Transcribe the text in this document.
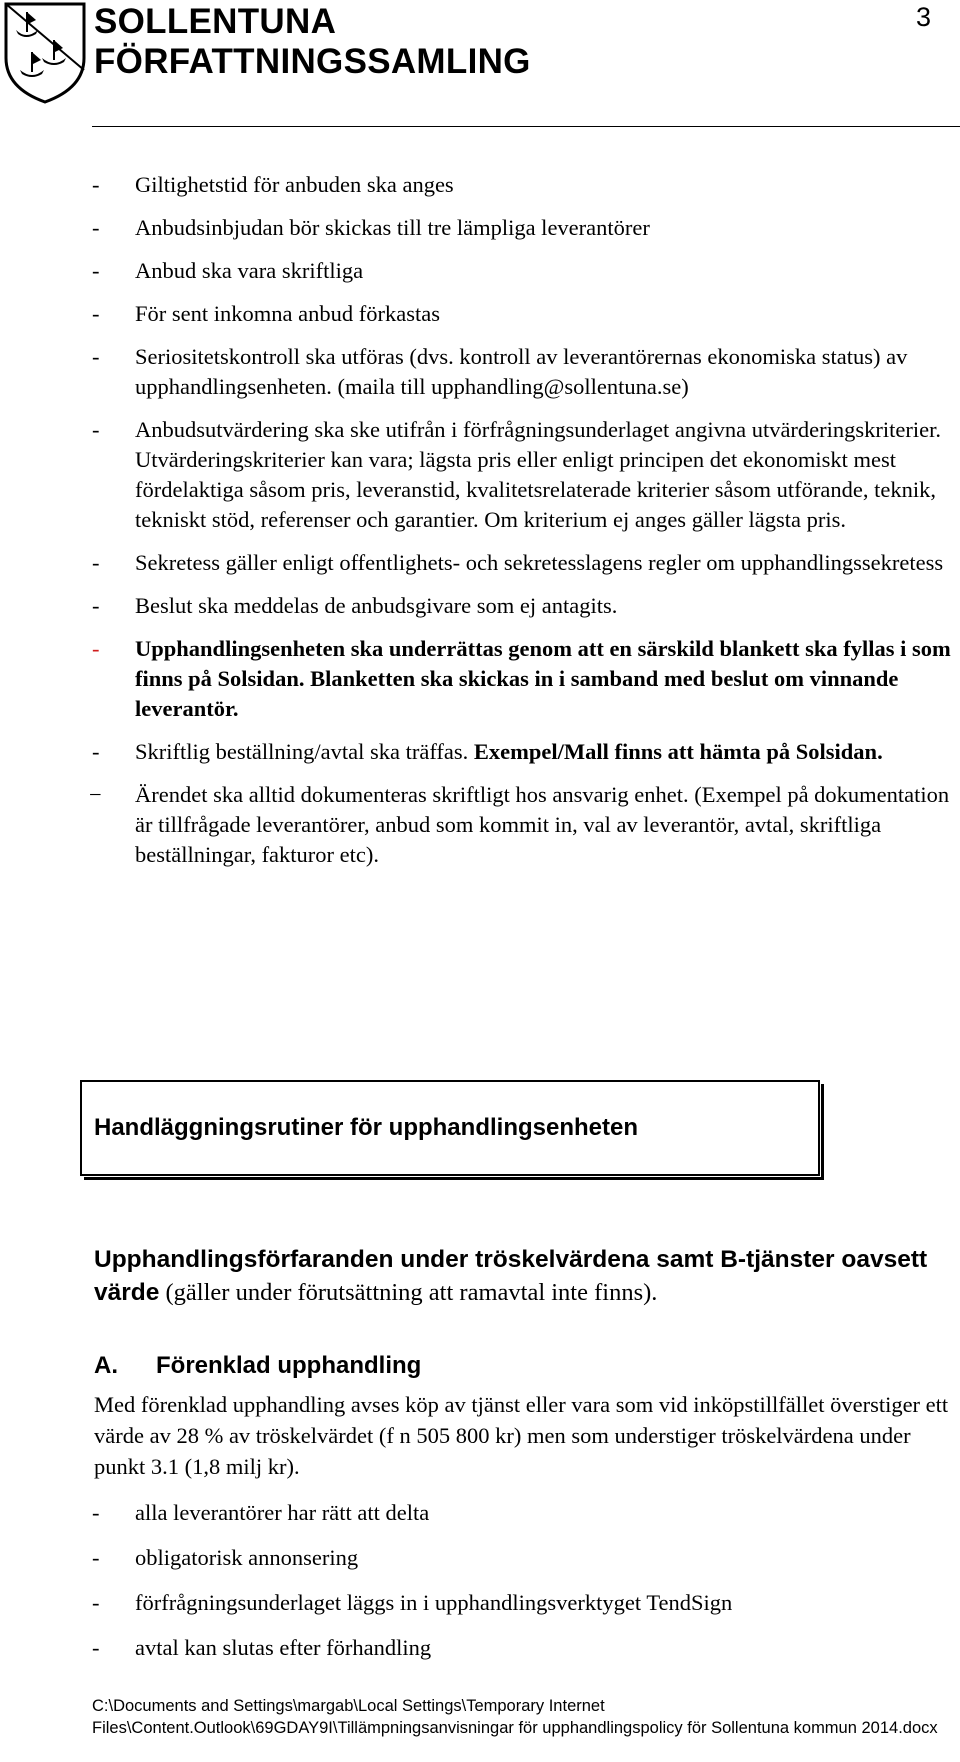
SOLLENTUNA
FÖRFATTNINGSSAMLING
3
- Giltighetstid för anbuden ska anges
- Anbudsinbjudan bör skickas till tre lämpliga leverantörer
- Anbud ska vara skriftliga
- För sent inkomna anbud förkastas
- Seriositetskontroll ska utföras (dvs. kontroll av leverantörernas ekonomiska status) av upphandlingsenheten. (maila till upphandling@sollentuna.se)
- Anbudsutvärdering ska ske utifrån i förfrågningsunderlaget angivna utvärderingskriterier. Utvärderingskriterier kan vara; lägsta pris eller enligt principen det ekonomiskt mest fördelaktiga såsom pris, leveranstid, kvalitetsrelaterade kriterier såsom utförande, teknik, tekniskt stöd, referenser och garantier. Om kriterium ej anges gäller lägsta pris.
- Sekretess gäller enligt offentlighets- och sekretesslagens regler om upphandlingssekretess
- Beslut ska meddelas de anbudsgivare som ej antagits.
- Upphandlingsenheten ska underrättas genom att en särskild blankett ska fyllas i som finns på Solsidan. Blanketten ska skickas in i samband med beslut om vinnande leverantör.
- Skriftlig beställning/avtal ska träffas. Exempel/Mall finns att hämta på Solsidan.
− Ärendet ska alltid dokumenteras skriftligt hos ansvarig enhet. (Exempel på dokumentation är tillfrågade leverantörer, anbud som kommit in, val av leverantör, avtal, skriftliga beställningar, fakturor etc).
Handläggningsrutiner för upphandlingsenheten
Upphandlingsförfaranden under tröskelvärdena samt B-tjänster oavsett värde (gäller under förutsättning att ramavtal inte finns).
A. Förenklad upphandling
Med förenklad upphandling avses köp av tjänst eller vara som vid inköpstillfället överstiger ett värde av 28 % av tröskelvärdet (f n 505 800 kr) men som understiger tröskelvärdena under punkt 3.1 (1,8 milj kr).
- alla leverantörer har rätt att delta
- obligatorisk annonsering
- förfrågningsunderlaget läggs in i upphandlingsverktyget TendSign
- avtal kan slutas efter förhandling
C:\Documents and Settings\margab\Local Settings\Temporary Internet Files\Content.Outlook\69GDAY9I\Tillämpningsanvisningar för upphandlingspolicy för Sollentuna kommun 2014.docx
